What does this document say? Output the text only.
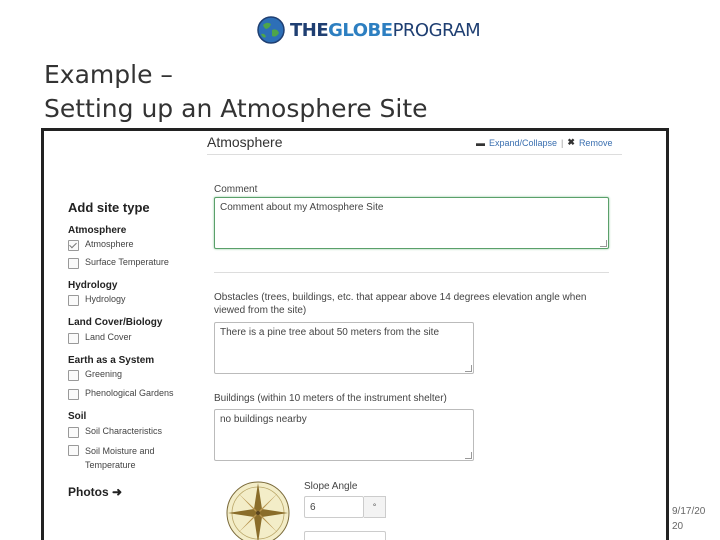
THEGLOBEPROGRAM
Example –
Setting up an Atmosphere Site
Add site type
Atmosphere
Atmosphere
Surface Temperature
Hydrology
Hydrology
Land Cover/Biology
Land Cover
Earth as a System
Greening
Phenological Gardens
Soil
Soil Characteristics
Soil Moisture and Temperature
Photos ➜
Atmosphere	▬ Expand/Collapse | ✖ Remove
Comment
Comment about my Atmosphere Site
Obstacles (trees, buildings, etc. that appear above 14 degrees elevation angle when viewed from the site)
There is a pine tree about 50 meters from the site
Buildings (within 10 meters of the instrument shelter)
no buildings nearby
Slope Angle
6	°	9/17/20
20
